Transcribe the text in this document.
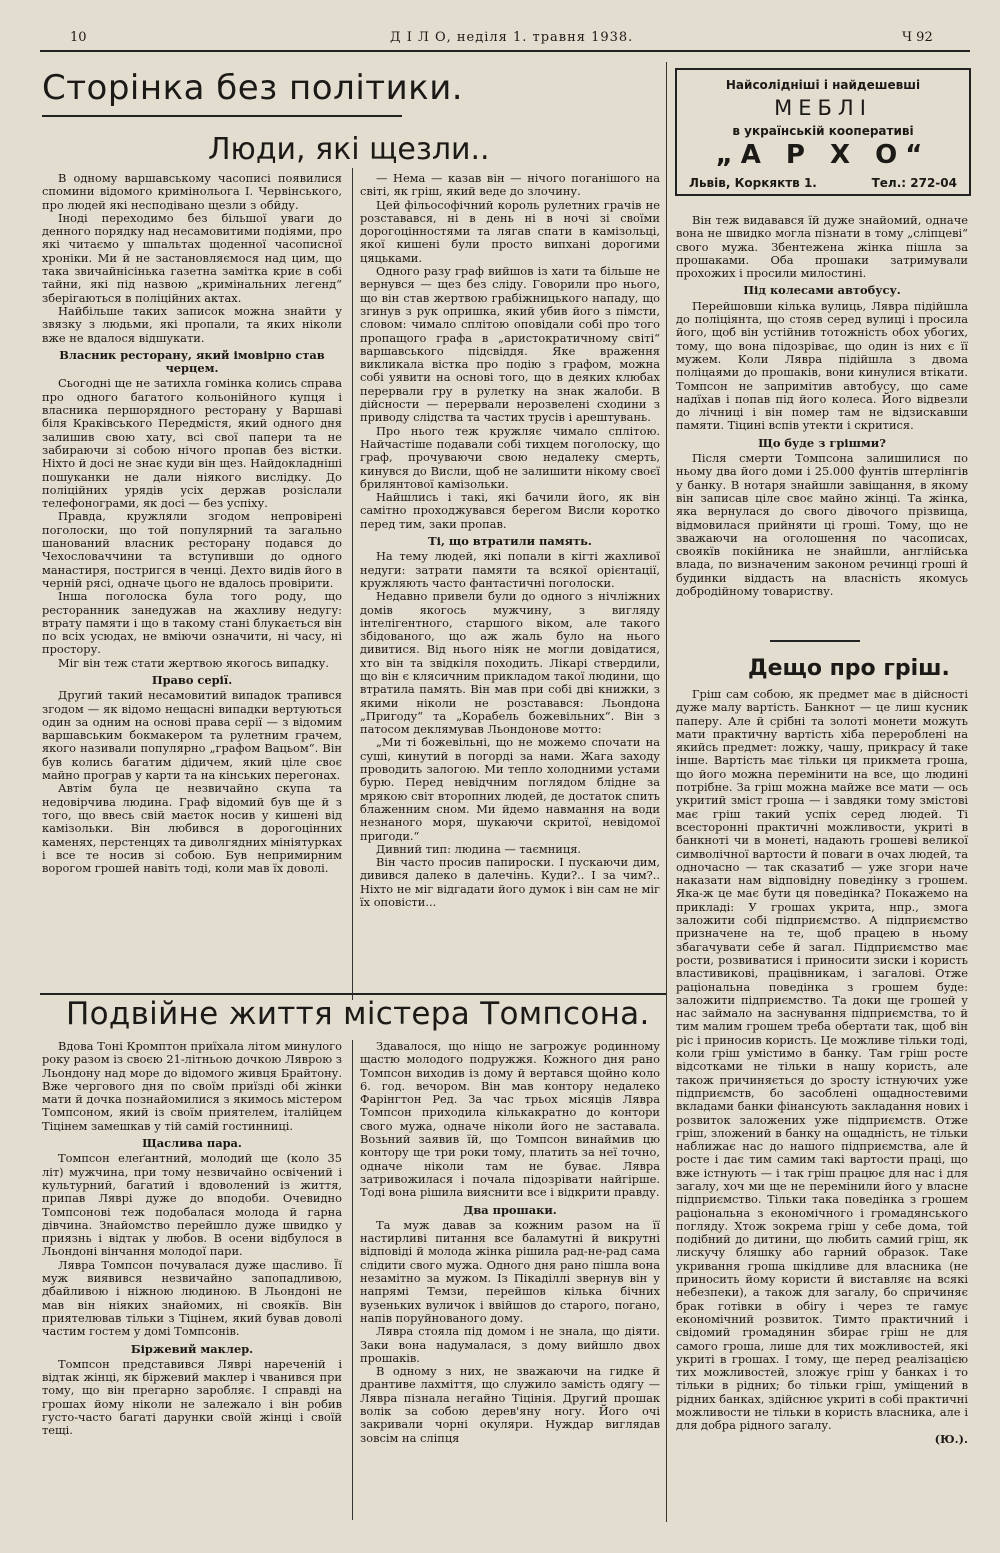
10	Д І Л О, неділя 1. травня 1938.	Ч 92
Сторінка без політики.
Люди, які щезли..

В одному варшавському часописі появилися спомини відомого кримінольога І. Червінського, про людей які несподівано щезли з обйду.

Іноді переходимо без більшої уваги до денного порядку над несамовитими подіями, про які читаємо у шпальтах щоденної часописної хроніки. Ми й не застановляємося над цим, що така звичайнісінька газетна замітка криє в собі тайни, які під назвою „кримінальних легенд“ зберігаються в поліційних актах.

Найбільше таких записок можна знайти у звязку з людьми, які пропали, та яких ніколи вже не вдалося відшукати.

Власник ресторану, який імовірно став черцем.

Сьогодні ще не затихла гомінка колись справа про одного багатого кольонійного купця і власника першорядного ресторану у Варшаві біля Краківського Передмістя, який одного дня залишив свою хату, всі свої папери та не забираючи зі собою нічого пропав без вістки. Ніхто й досі не знає куди він щез. Найдокладніші пошуканки не дали ніякого вислідку. До поліційних урядів усіх держав розіслали телефонограми, як досі — без успіху.

Правда, кружляли згодом непровірені поголоски, що той популярний та загально шанований власник ресторану подався до Чехословаччини та вступивши до одного манастиря, постригся в ченці. Дехто видів його в черній рясі, одначе цього не вдалось провірити.

Інша поголоска була того роду, що ресторанник занедужав на жахливу недугу: втрату памяти і що в такому стані блукається він по всіх усюдах, не вміючи означити, ні часу, ні простору.

Міг він теж стати жертвою якогось випадку.

Право серії.

Другий такий несамовитий випадок трапився згодом — як відомо нещасні випадки вертуються один за одним на основі права серії — з відомим варшавським бокмакером та рулетним грачем, якого називали популярно „графом Вацьом“. Він був колись багатим дідичем, який ціле своє майно програв у карти та на кінських перегонах.

Автім була це незвичайно скупа та недовірчива людина. Граф відомий був ще й з того, що ввесь свій маєток носив у кишені від камізольки. Він любився в дорогоцінних каменях, перстенцях та диволгядних мініятурках і все те носив зі собою. Був непримирним ворогом грошей навіть тоді, коли мав їх доволі.

— Нема — казав він — нічого поганішого на світі, як гріш, який веде до злочину.

Цей фільософічний король рулетних грачів не розставався, ні в день ні в ночі зі своїми дорогоцінностями та лягав спати в камізольці, якої кишені були просто випхані дорогими цяцьками.

Одного разу граф вийшов із хати та більше не вернувся — щез без сліду. Говорили про нього, що він став жертвою грабіжницького нападу, що згинув з рук опришка, який убив його з пімсти, словом: чимало сплітою оповідали собі про того пропащого графа в „аристократичному світі“ варшавського підсвіддя. Яке враження викликала вістка про подію з графом, можна собі уявити на основі того, що в деяких клюбах перервали гру в рулетку на знак жалоби. В дійсности — перервали нерозвелені сходини з приводу слідства та частих трусів і арештувань.

Про нього теж кружляє чимало сплітою. Найчастіше подавали собі тихцем поголоску, що граф, прочуваючи свою недалеку смерть, кинувся до Висли, щоб не залишити нікому своєї брилянтової камізольки.

Найшлись і такі, які бачили його, як він самітно проходжувався берегом Висли коротко перед тим, заки пропав.

Ті, що втратили память.

На тему людей, які попали в кігті жахливої недуги: затрати памяти та всякої орієнтації, кружляють часто фантастичні поголоски.

Недавно привели були до одного з нічліжних домів якогось мужчину, з вигляду інтелігентного, старшого віком, але такого збідованого, що аж жаль було на нього дивитися. Від нього ніяк не могли довідатися, хто він та звідкіля походить. Лікарі ствердили, що він є клясичним прикладом такої людини, що втратила память. Він мав при собі дві книжки, з якими ніколи не розставався: Льондона „Пригоду“ та „Корабель божевільних“. Він з патосом деклямував Льондонове мотто:

„Ми ті божевільні, що не можемо спочати на суші, кинутий в погорді за нами. Жага заходу проводить залогою. Ми тепло холодними устами бурю. Перед невідчним поглядом блідне за мрякою світ второпних людей, де достаток спить блаженним сном. Ми йдемо навмання на води незнаного моря, шукаючи скритої, невідомої пригоди.“

Дивний тип: людина — таємниця.

Він часто просив папироски. І пускаючи дим, дивився далеко в далечінь. Куди?.. І за чим?.. Ніхто не міг відгадати його думок і він сам не міг їх оповісти...

Найсолідніші і найдешевші
МЕБЛІ
в українській кооперативі
„А Р Х О“
Львів, Коркяктв 1.	Тел.: 272-04

Він теж видавався їй дуже знайомий, одначе вона не швидко могла пізнати в тому „сліпцеві“ свого мужа. Збентежена жінка пішла за прошаками. Оба прошаки затримували прохожих і просили милостині.

Під колесами автобусу.

Перейшовши кілька вулиць, Лявра підійшла до поліціянта, що стояв серед вулиці і просила його, щоб він устійнив тотожність обох убогих, тому, що вона підозріває, що один із них є її мужем. Коли Лявра підійшла з двома поліцаями до прошаків, вони кинулися втікати. Томпсон не запримітив автобусу, що саме надїхав і попав під його колеса. Його відвезли до лічниці і він помер там не відзискавши памяти. Тіцині вспів утекти і скритися.

Що буде з грішми?

Після смерти Томпсона залишилися по ньому два його доми і 25.000 фунтів штерлінгів у банку. В нотаря знайшли завіщання, в якому він записав ціле своє майно жінці. Та жінка, яка вернулася до свого дівочого прізвища, відмовилася прийняти ці гроші. Тому, що не зважаючи на оголошення по часописах, своякїв покійника не знайшли, англійська влада, по визначеним законом речинці гроші й будинки віддасть на власність якомусь добродійному товариству.

Дещо про гріш.

Гріш сам собою, як предмет має в дійсності дуже малу вартість. Банкнот — це лиш кусник паперу. Але й срібні та золоті монети можуть мати практичну вартість хіба перероблені на якийсь предмет: ложку, чашу, прикрасу й таке інше. Вартість має тільки ця прикмета гроша, що його можна перемінити на все, що людині потрібне. За гріш можна майже все мати — ось укритий зміст гроша — і завдяки тому змістові має гріш такий успіх серед людей. Ті всесторонні практичні можливости, укриті в банкноті чи в монеті, надають грошеві великої символічної вартости й поваги в очах людей, та одночасно — так сказатиб — уже згори наче наказати нам відповідну поведінку з грошем. Яка-ж це має бути ця поведінка? Покажемо на прикладі: У грошах укрита, нпр., змога заложити собі підприємство. А підприємство призначене на те, щоб працею в ньому збагачувати себе й загал. Підприємство має рости, розвиватися і приносити зиски і користь властивикові, працівникам, і загалові. Отже раціональна поведінка з грошем буде: заложити підприємство. Та доки ще грошей у нас займало на заснування підприємства, то й тим малим грошем треба обертати так, щоб він ріс і приносив користь. Це можливе тільки тоді, коли гріш умістимо в банку. Там гріш росте відсотками не тільки в нашу користь, але також причиняється до зросту істнуючих уже підприємств, бо засоблені ощадностевими вкладами банки фінансують закладання нових і розвиток заложених уже підприємств. Отже гріш, зложений в банку на ощадність, не тільки наближає нас до нашого підприємства, але й росте і дає тим самим такі вартости праці, що вже істнують — і так гріш працює для нас і для загалу, хоч ми ще не перемінили його у власне підприємство. Тільки така поведінка з грошем раціональна з економічного і громадянського погляду. Хтож зокрема гріш у себе дома, той подібний до дитини, що любить самий гріш, як лискучу бляшку або гарний образок. Таке укривання гроша шкідливе для власника (не приносить йому користи й виставляє на всякі небезпеки), а також для загалу, бо спричиняє брак готівки в обігу і через те гамує економічний розвиток. Тимто практичний і свідомий громадянин збирає гріш не для самого гроша, лише для тих можливостей, які укриті в грошах. І тому, ще перед реалізацією тих можливостей, зложує гріш у банках і то тільки в рідних; бо тільки гріш, уміщений в рідних банках, здійснює укриті в собі практичні можливости не тільки в користь власника, але і для добра рідного загалу.

(Ю.).

Подвійне життя містера Томпсона.

Вдова Тоні Кромптон приїхала літом минулого року разом із своєю 21-літньою дочкою Ляврою з Льондону над море до відомого живця Брайтону. Вже чергового дня по своїм приїзді обі жінки мати й дочка познайомилися з якимось містером Томпсоном, який із своїм приятелем, італійцем Тіцінем замешкав у тій самій гостинниці.

Щаслива пара.

Томпсон елеґантний, молодий ще (коло 35 літ) мужчина, при тому незвичайно освічений і культурний, багатий і вдоволений із життя, припав Лявpi дуже до вподоби. Очевидно Томпсонові теж подобалася молода й гарна дівчина. Знайомство перейшло дуже швидко у приязнь і відтак у любов. В осени відбулося в Льондоні вінчання молодої пари.

Лявра Томпсон почувалася дуже щасливо. Її муж виявився незвичайно запопадливою, дбайливою і ніжною людиною. В Льондоні не мав він ніяких знайомих, ні своякїв. Він приятелював тільки з Тіцінем, який бував доволі частим гостем у домі Томпсонів.

Біржевий маклер.

Томпсон представився Лявpi нареченій і відтак жінці, як біржевий маклер і чванився при тому, що він прегарно заробляє. І справді на грошах йому ніколи не залежало і він робив густо-часто багаті дарунки своїй жінці і своїй тещі.

Здавалося, що ніщо не загрожує родинному щастю молодого подружжя. Кожного дня рано Томпсон виходив із дому й вертався щойно коло 6. год. вечором. Він мав контору недалеко Фарінгтон Ред. За час трьох місяців Лявра Томпсон приходила кількакратно до контори свого мужа, одначе ніколи його не заставала. Возьний заявив їй, що Томпсон винаймив цю контору ще три роки тому, платить за неї точно, одначе ніколи там не буває. Лявра затривожилася і почала підозрівати найгірше. Тоді вона рішила вияснити все і відкрити правду.

Два прошаки.

Та муж давав за кожним разом на її настирливі питання все баламутні й викрутні відповіді й молода жінка рішила рад-не-рад сама слідити свого мужа. Одного дня рано пішла вона незамітно за мужом. Із Пікаділлі звернув він у напрямі Темзи, перейшов кілька бічних вузеньких вуличок і ввійшов до старого, погано, напів поруйнованого дому.

Лявра стояла під домом і не знала, що діяти. Заки вона надумалася, з дому вийшло двох прошаків.

В одному з них, не зважаючи на гидке й дрантиве лахміття, що служило замість одягу — Лявра пізнала негайно Тіцінія. Другий прошак волік за собою дерев'яну ногу. Його очі закривали чорні окуляри. Нуждар виглядав зовсім на сліпця
